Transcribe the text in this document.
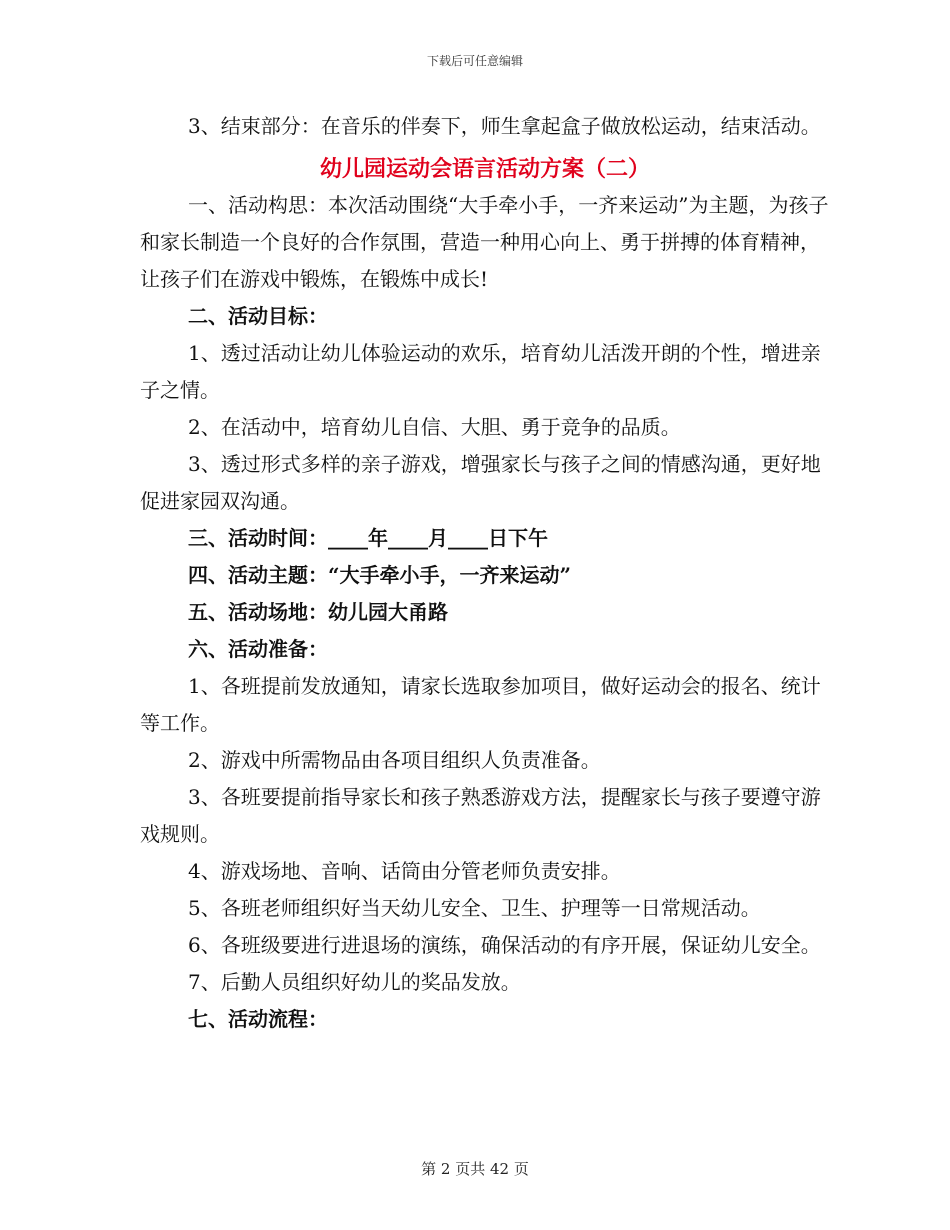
下载后可任意编辑

3、结束部分：在音乐的伴奏下，师生拿起盒子做放松运动，结束活动。

幼儿园运动会语言活动方案（二）

一、活动构思：本次活动围绕“大手牵小手，一齐来运动”为主题，为孩子和家长制造一个良好的合作氛围，营造一种用心向上、勇于拼搏的体育精神，让孩子们在游戏中锻炼，在锻炼中成长!

二、活动目标：

1、透过活动让幼儿体验运动的欢乐，培育幼儿活泼开朗的个性，增进亲子之情。

2、在活动中，培育幼儿自信、大胆、勇于竞争的品质。

3、透过形式多样的亲子游戏，增强家长与孩子之间的情感沟通，更好地促进家园双沟通。

三、活动时间：____年____月____日下午

四、活动主题：“大手牵小手，一齐来运动”

五、活动场地：幼儿园大甬路

六、活动准备：

1、各班提前发放通知，请家长选取参加项目，做好运动会的报名、统计等工作。

2、游戏中所需物品由各项目组织人负责准备。

3、各班要提前指导家长和孩子熟悉游戏方法，提醒家长与孩子要遵守游戏规则。

4、游戏场地、音响、话筒由分管老师负责安排。

5、各班老师组织好当天幼儿安全、卫生、护理等一日常规活动。

6、各班级要进行进退场的演练，确保活动的有序开展，保证幼儿安全。

7、后勤人员组织好幼儿的奖品发放。

七、活动流程：

第 2 页共 42 页
